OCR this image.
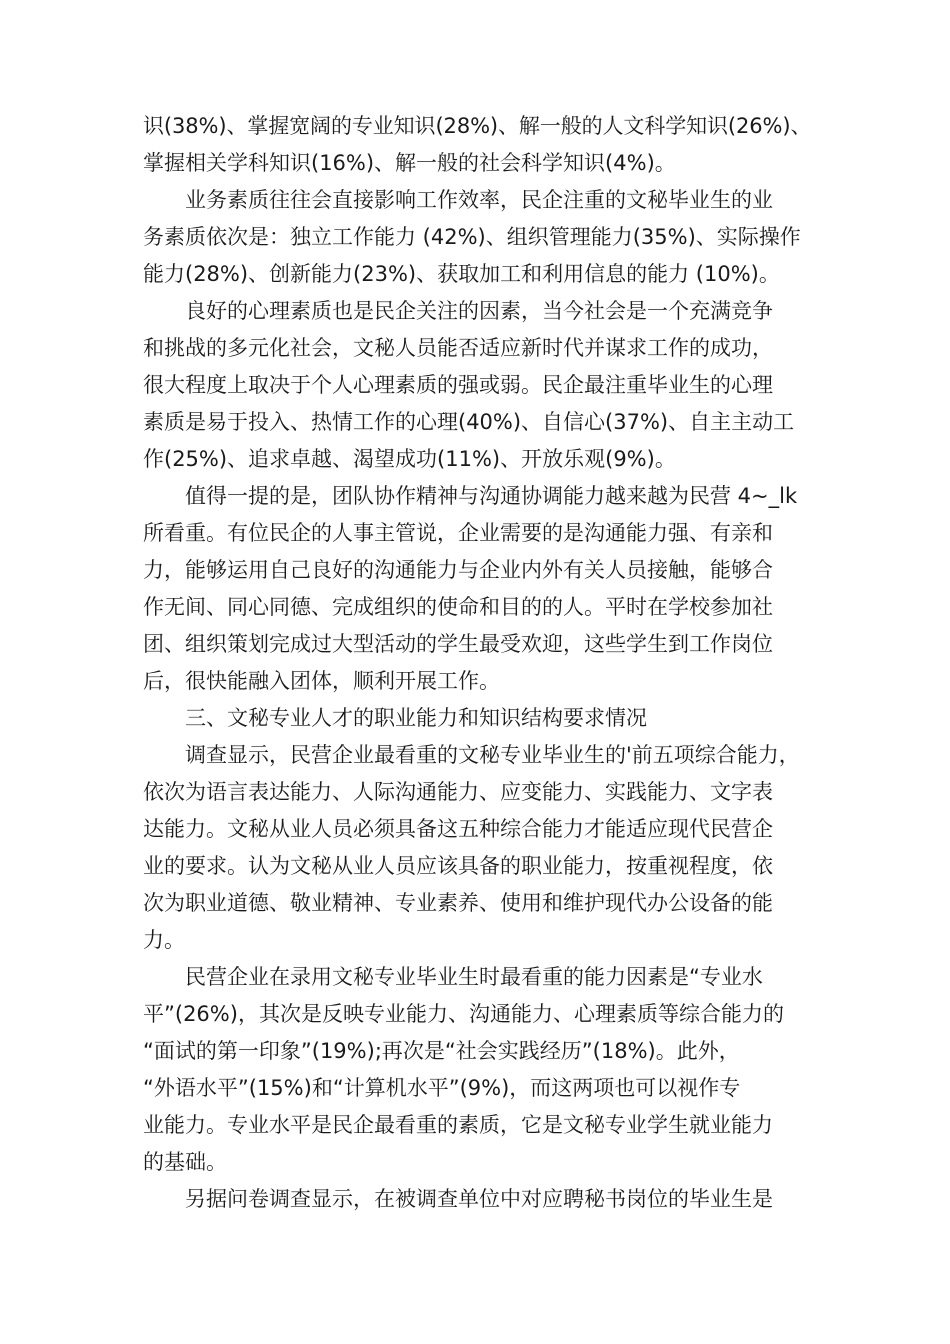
识(38%)、掌握宽阔的专业知识(28%)、解一般的人文科学知识(26%)、
掌握相关学科知识(16%)、解一般的社会科学知识(4%)。
业务素质往往会直接影响工作效率，民企注重的文秘毕业生的业
务素质依次是：独立工作能力 (42%)、组织管理能力(35%)、实际操作
能力(28%)、创新能力(23%)、获取加工和利用信息的能力 (10%)。
良好的心理素质也是民企关注的因素，当今社会是一个充满竞争
和挑战的多元化社会，文秘人员能否适应新时代并谋求工作的成功，
很大程度上取决于个人心理素质的强或弱。民企最注重毕业生的心理
素质是易于投入、热情工作的心理(40%)、自信心(37%)、自主主动工
作(25%)、追求卓越、渴望成功(11%)、开放乐观(9%)。
值得一提的是，团队协作精神与沟通协调能力越来越为民营 4~_lk
所看重。有位民企的人事主管说，企业需要的是沟通能力强、有亲和
力，能够运用自己良好的沟通能力与企业内外有关人员接触，能够合
作无间、同心同德、完成组织的使命和目的的人。平时在学校参加社
团、组织策划完成过大型活动的学生最受欢迎，这些学生到工作岗位
后，很快能融入团体，顺利开展工作。
三、文秘专业人才的职业能力和知识结构要求情况
调查显示，民营企业最看重的文秘专业毕业生的'前五项综合能力，
依次为语言表达能力、人际沟通能力、应变能力、实践能力、文字表
达能力。文秘从业人员必须具备这五种综合能力才能适应现代民营企
业的要求。认为文秘从业人员应该具备的职业能力，按重视程度，依
次为职业道德、敬业精神、专业素养、使用和维护现代办公设备的能
力。
民营企业在录用文秘专业毕业生时最看重的能力因素是“专业水
平”(26%)，其次是反映专业能力、沟通能力、心理素质等综合能力的
“面试的第一印象”(19%);再次是“社会实践经历”(18%)。此外，
“外语水平”(15%)和“计算机水平”(9%)，而这两项也可以视作专
业能力。专业水平是民企最看重的素质，它是文秘专业学生就业能力
的基础。
另据问卷调查显示，在被调查单位中对应聘秘书岗位的毕业生是
